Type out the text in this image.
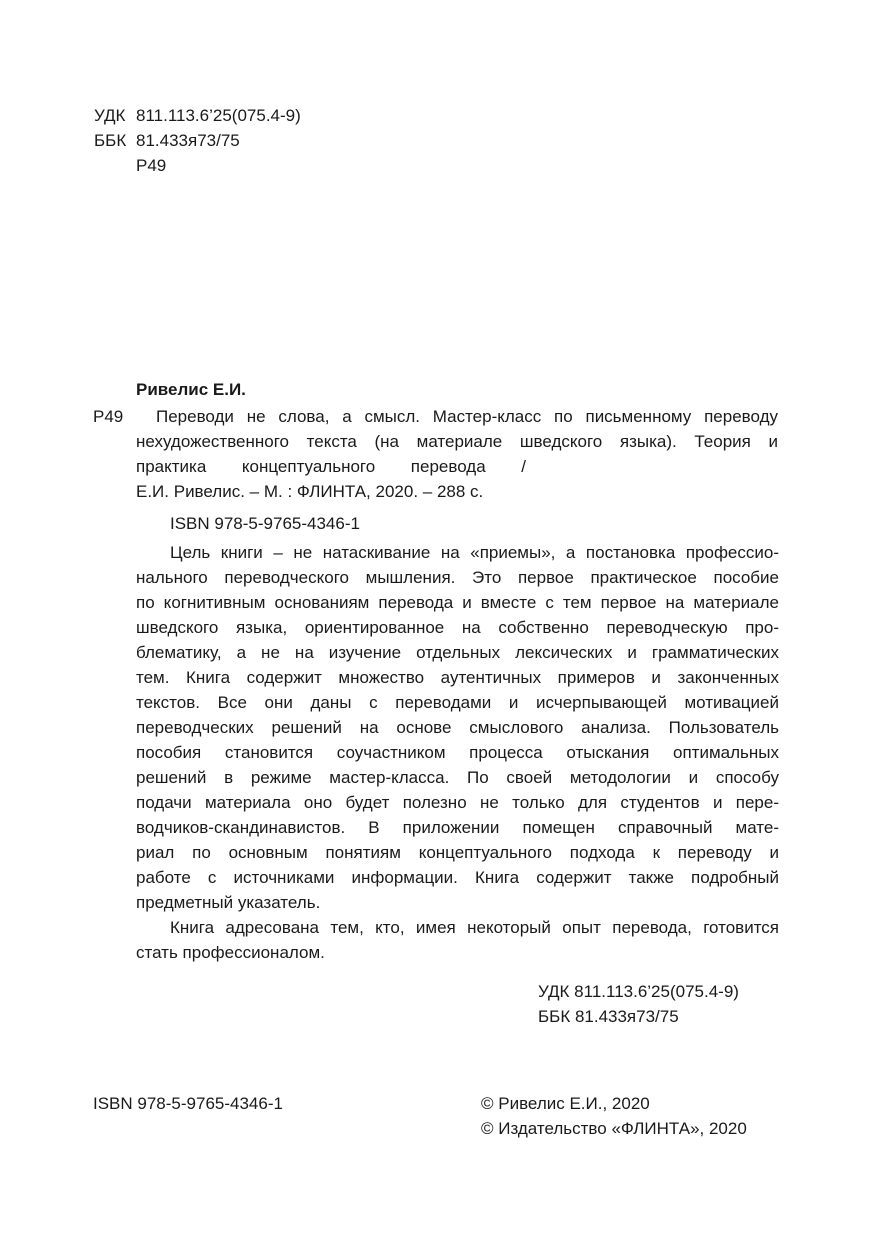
УДК 811.113.6’25(075.4-9)
ББК 81.433я73/75
Р49
Ривелис Е.И.
Р49	Переводи не слова, а смысл. Мастер-класс по письменному переводу
нехудожественного текста (на материале шведского языка). Теория и
практика концептуального перевода /
Е.И. Ривелис. – М. : ФЛИНТА, 2020. – 288 с.
ISBN 978-5-9765-4346-1
Цель книги – не натаскивание на «приемы», а постановка профессио-
нального переводческого мышления. Это первое практическое пособие
по когнитивным основаниям перевода и вместе с тем первое на материале
шведского языка, ориентированное на собственно переводческую про-
блематику, а не на изучение отдельных лексических и грамматических
тем. Книга содержит множество аутентичных примеров и законченных
текстов. Все они даны с переводами и исчерпывающей мотивацией
переводческих решений на основе смыслового анализа. Пользователь
пособия становится соучастником процесса отыскания оптимальных
решений в режиме мастер-класса. По своей методологии и способу
подачи материала оно будет полезно не только для студентов и пере-
водчиков-скандинавистов. В приложении помещен справочный мате-
риал по основным понятиям концептуального подхода к переводу и
работе с источниками информации. Книга содержит также подробный
предметный указатель.
Книга адресована тем, кто, имея некоторый опыт перевода, готовится
стать профессионалом.
УДК 811.113.6’25(075.4-9)
ББК 81.433я73/75
ISBN 978-5-9765-4346-1	© Ривелис Е.И., 2020
© Издательство «ФЛИНТА», 2020
